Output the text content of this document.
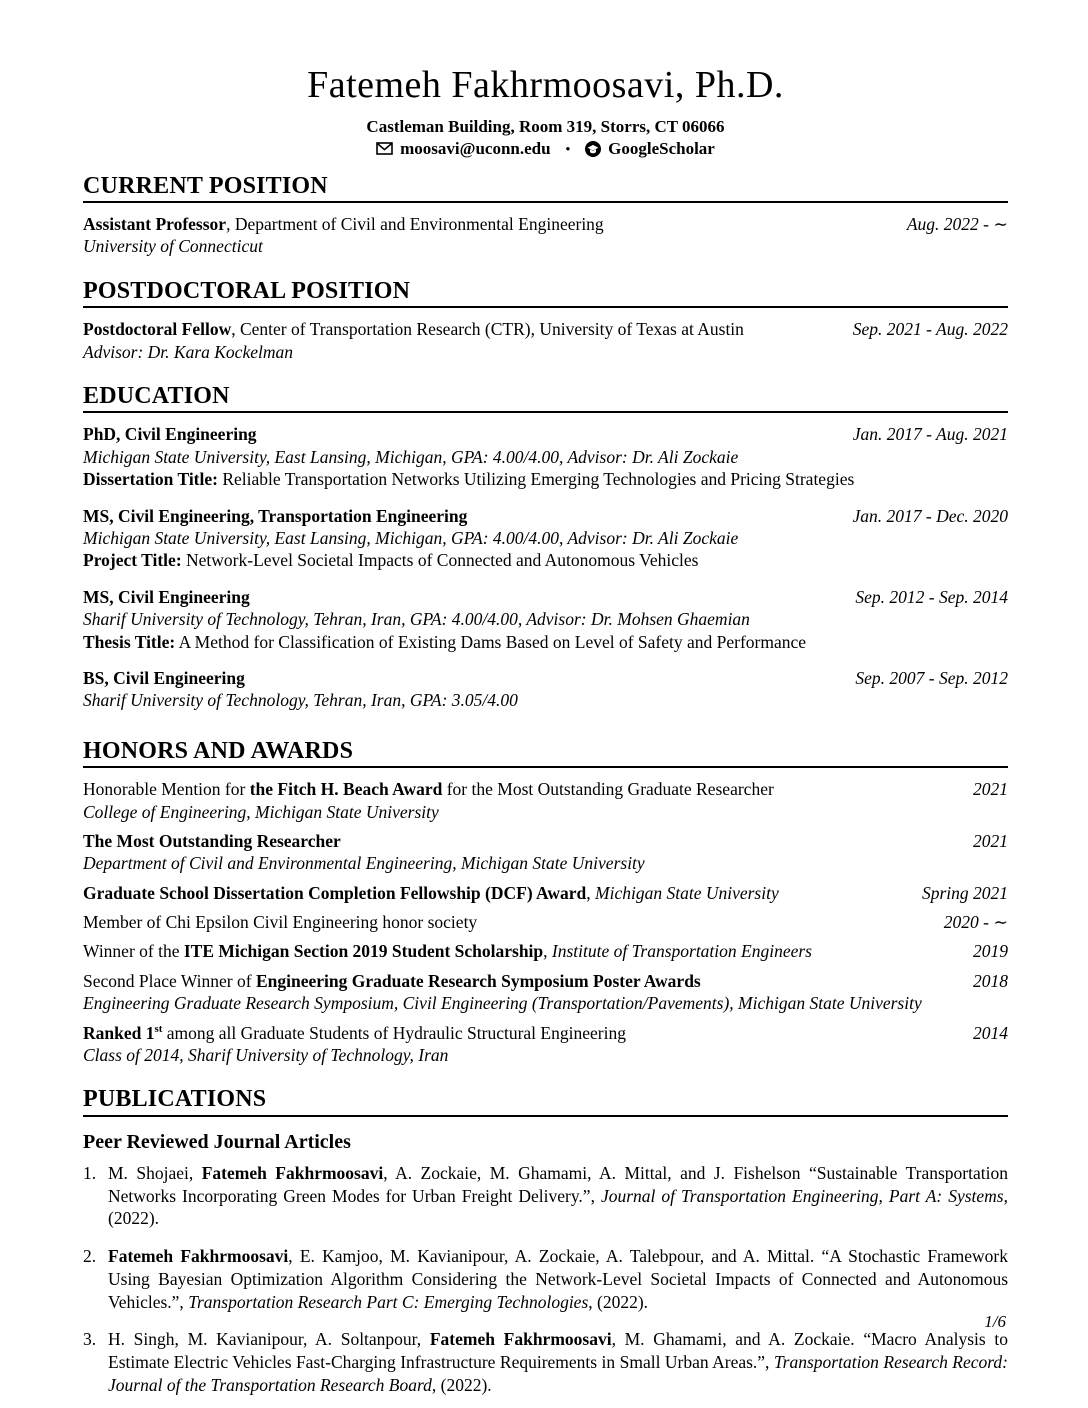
Fatemeh Fakhrmoosavi, Ph.D.
Castleman Building, Room 319, Storrs, CT 06066
moosavi@uconn.edu	•	GoogleScholar
CURRENT POSITION
Assistant Professor, Department of Civil and Environmental Engineering	Aug. 2022 - ∼
University of Connecticut
POSTDOCTORAL POSITION
Postdoctoral Fellow, Center of Transportation Research (CTR), University of Texas at Austin	Sep. 2021 - Aug. 2022
Advisor: Dr. Kara Kockelman
EDUCATION
PhD, Civil Engineering	Jan. 2017 - Aug. 2021
Michigan State University, East Lansing, Michigan, GPA: 4.00/4.00, Advisor: Dr. Ali Zockaie
Dissertation Title: Reliable Transportation Networks Utilizing Emerging Technologies and Pricing Strategies
MS, Civil Engineering, Transportation Engineering	Jan. 2017 - Dec. 2020
Michigan State University, East Lansing, Michigan, GPA: 4.00/4.00, Advisor: Dr. Ali Zockaie
Project Title: Network-Level Societal Impacts of Connected and Autonomous Vehicles
MS, Civil Engineering	Sep. 2012 - Sep. 2014
Sharif University of Technology, Tehran, Iran, GPA: 4.00/4.00, Advisor: Dr. Mohsen Ghaemian
Thesis Title: A Method for Classification of Existing Dams Based on Level of Safety and Performance
BS, Civil Engineering	Sep. 2007 - Sep. 2012
Sharif University of Technology, Tehran, Iran, GPA: 3.05/4.00
HONORS AND AWARDS
Honorable Mention for the Fitch H. Beach Award for the Most Outstanding Graduate Researcher	2021
College of Engineering, Michigan State University
The Most Outstanding Researcher	2021
Department of Civil and Environmental Engineering, Michigan State University
Graduate School Dissertation Completion Fellowship (DCF) Award, Michigan State University	Spring 2021
Member of Chi Epsilon Civil Engineering honor society	2020 - ∼
Winner of the ITE Michigan Section 2019 Student Scholarship, Institute of Transportation Engineers	2019
Second Place Winner of Engineering Graduate Research Symposium Poster Awards	2018
Engineering Graduate Research Symposium, Civil Engineering (Transportation/Pavements), Michigan State University
Ranked 1st among all Graduate Students of Hydraulic Structural Engineering	2014
Class of 2014, Sharif University of Technology, Iran
PUBLICATIONS
Peer Reviewed Journal Articles
1. M. Shojaei, Fatemeh Fakhrmoosavi, A. Zockaie, M. Ghamami, A. Mittal, and J. Fishelson “Sustainable Transportation Networks Incorporating Green Modes for Urban Freight Delivery.”, Journal of Transportation Engineering, Part A: Systems, (2022).
2. Fatemeh Fakhrmoosavi, E. Kamjoo, M. Kavianipour, A. Zockaie, A. Talebpour, and A. Mittal. “A Stochastic Framework Using Bayesian Optimization Algorithm Considering the Network-Level Societal Impacts of Connected and Autonomous Vehicles.”, Transportation Research Part C: Emerging Technologies, (2022).
3. H. Singh, M. Kavianipour, A. Soltanpour, Fatemeh Fakhrmoosavi, M. Ghamami, and A. Zockaie. “Macro Analysis to Estimate Electric Vehicles Fast-Charging Infrastructure Requirements in Small Urban Areas.”, Transportation Research Record: Journal of the Transportation Research Board, (2022).
1/6
